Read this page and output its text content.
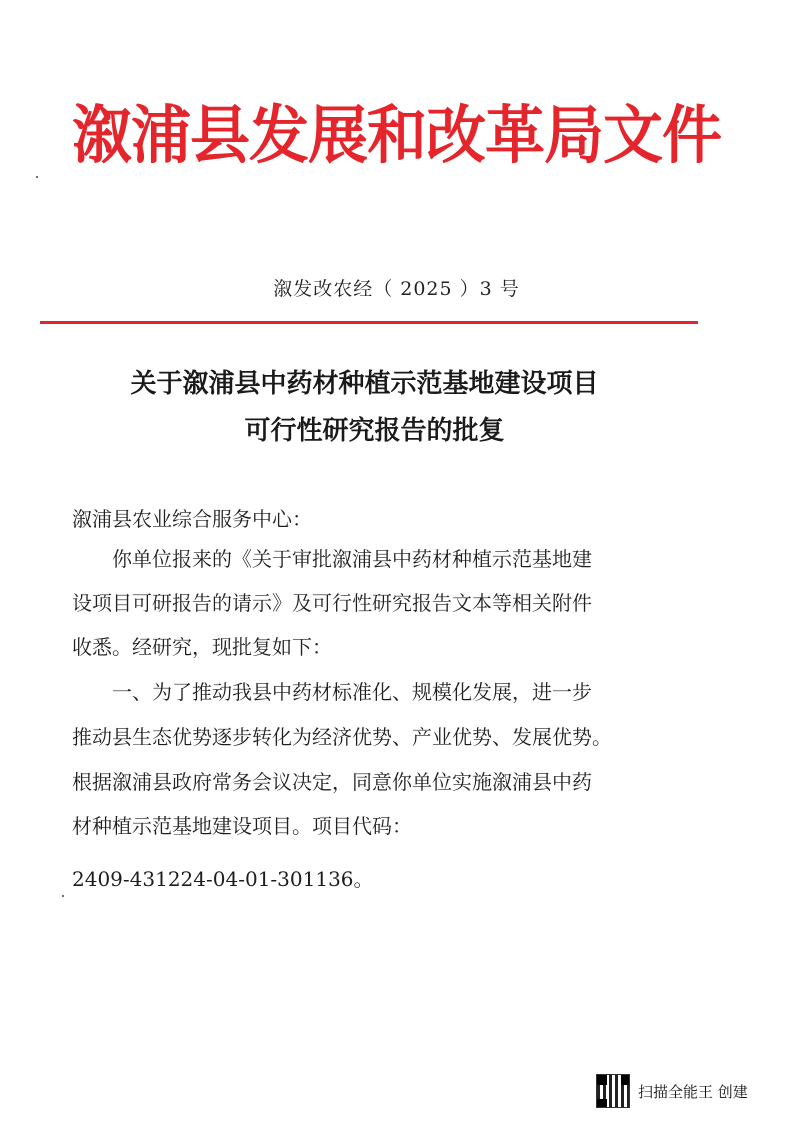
溆浦县发展和改革局文件
溆发改农经（ 2025 ）3 号
关于溆浦县中药材种植示范基地建设项目
可行性研究报告的批复
溆浦县农业综合服务中心：
　　你单位报来的《关于审批溆浦县中药材种植示范基地建
设项目可研报告的请示》及可行性研究报告文本等相关附件
收悉。经研究，现批复如下：
　　一、为了推动我县中药材标准化、规模化发展，进一步
推动县生态优势逐步转化为经济优势、产业优势、发展优势。
根据溆浦县政府常务会议决定，同意你单位实施溆浦县中药
材种植示范基地建设项目。项目代码：
2409-431224-04-01-301136。
扫描全能王 创建
